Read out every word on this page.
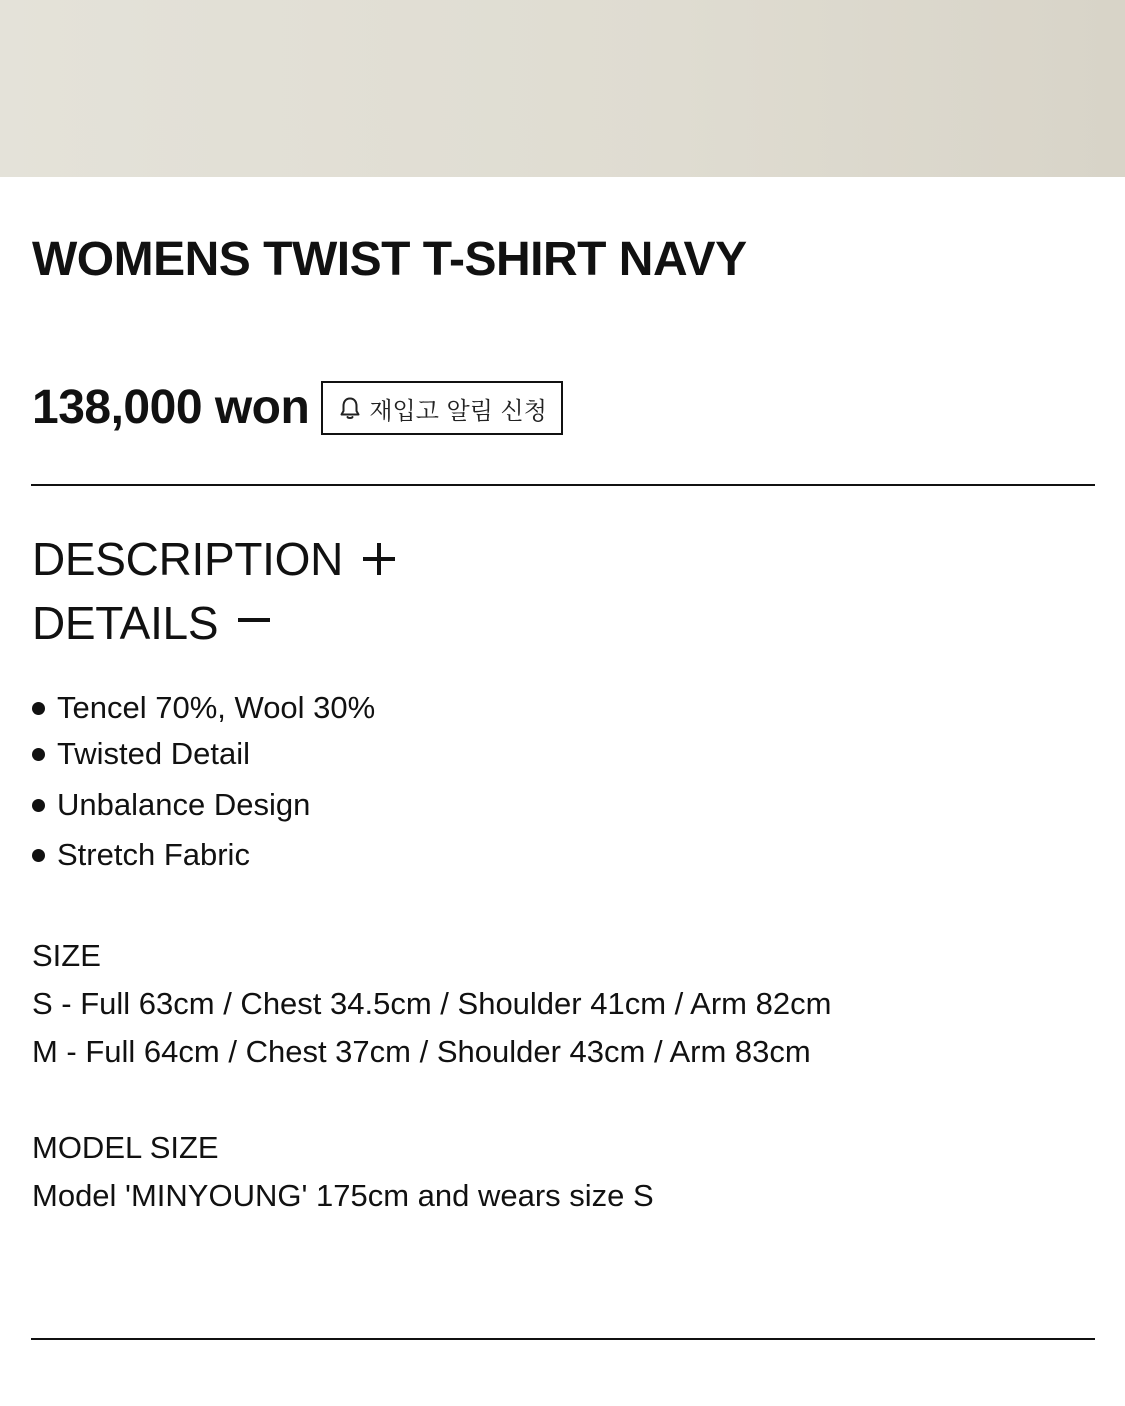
WOMENS TWIST T-SHIRT NAVY
138,000 won	재입고 알림 신청
DESCRIPTION
DETAILS
Tencel 70%, Wool 30%
Twisted Detail
Unbalance Design
Stretch Fabric
SIZE
S - Full 63cm / Chest 34.5cm / Shoulder 41cm / Arm 82cm
M - Full 64cm / Chest 37cm / Shoulder 43cm / Arm 83cm
MODEL SIZE
Model 'MINYOUNG' 175cm and wears size S
